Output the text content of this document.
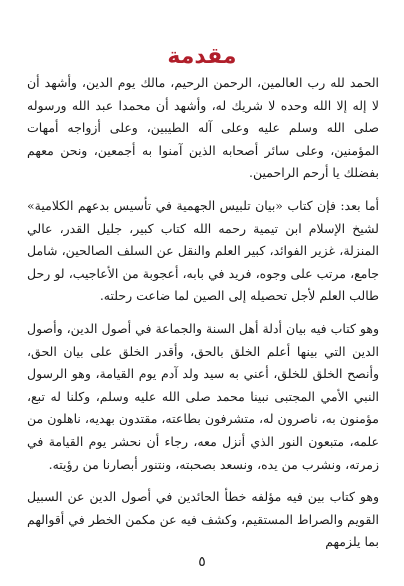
مقدمة

الحمد لله رب العالمين، الرحمن الرحيم، مالك يوم الدين، وأشهد أن لا إله إلا الله وحده لا شريك له، وأشهد أن محمدا عبد الله ورسوله صلى الله وسلم عليه وعلى آله الطيبين، وعلى أزواجه أمهات المؤمنين، وعلى سائر أصحابه الذين آمنوا به أجمعين، ونحن معهم بفضلك يا أرحم الراحمين.

أما بعد: فإن كتاب «بيان تلبيس الجهمية في تأسيس بدعهم الكلامية» لشيخ الإسلام ابن تيمية رحمه الله كتاب كبير، جليل القدر، عالي المنزلة، غزير الفوائد، كبير العلم والنقل عن السلف الصالحين، شامل جامع، مرتب على وجوه، فريد في بابه، أعجوبة من الأعاجيب، لو رحل طالب العلم لأجل تحصيله إلى الصين لما ضاعت رحلته.

وهو كتاب فيه بيان أدلة أهل السنة والجماعة في أصول الدين، وأصول الدين التي بينها أعلم الخلق بالحق، وأقدر الخلق على بيان الحق، وأنصح الخلق للخلق، أعني به سيد ولد آدم يوم القيامة، وهو الرسول النبي الأمي المجتبى نبينا محمد صلى الله عليه وسلم، وكلنا له تبع، مؤمنون به، ناصرون له، متشرفون بطاعته، مقتدون بهديه، ناهلون من علمه، متبعون النور الذي أنزل معه، رجاء أن نحشر يوم القيامة في زمرته، ونشرب من يده، ونسعد بصحبته، ونتنور أبصارنا من رؤيته.

وهو كتاب بين فيه مؤلفه خطأ الحائدين في أصول الدين عن السبيل القويم والصراط المستقيم، وكشف فيه عن مكمن الخطر في أقوالهم بما يلزمهم

٥
